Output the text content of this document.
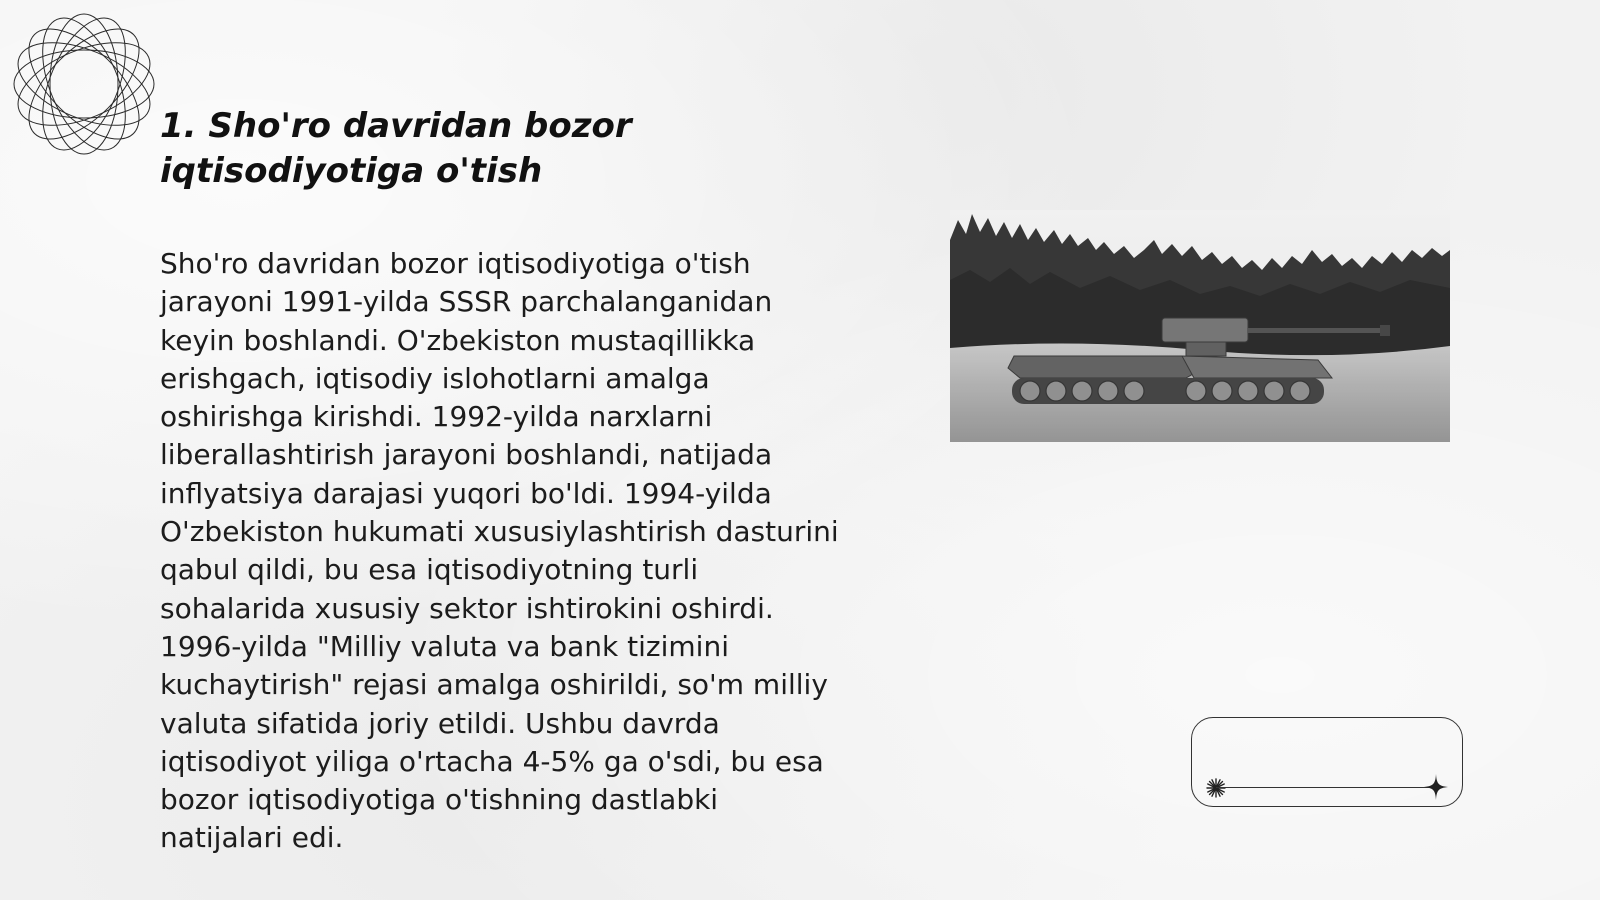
1. Sho'ro davridan bozor iqtisodiyotiga o'tish

Sho'ro davridan bozor iqtisodiyotiga o'tish jarayoni 1991-yilda SSSR parchalanganidan keyin boshlandi. O'zbekiston mustaqillikka erishgach, iqtisodiy islohotlarni amalga oshirishga kirishdi. 1992-yilda narxlarni liberallashtirish jarayoni boshlandi, natijada inflyatsiya darajasi yuqori bo'ldi. 1994-yilda O'zbekiston hukumati xususiylashtirish dasturini qabul qildi, bu esa iqtisodiyotning turli sohalarida xususiy sektor ishtirokini oshirdi. 1996-yilda "Milliy valuta va bank tizimini kuchaytirish" rejasi amalga oshirildi, so'm milliy valuta sifatida joriy etildi. Ushbu davrda iqtisodiyot yiliga o'rtacha 4-5% ga o'sdi, bu esa bozor iqtisodiyotiga o'tishning dastlabki natijalari edi.
